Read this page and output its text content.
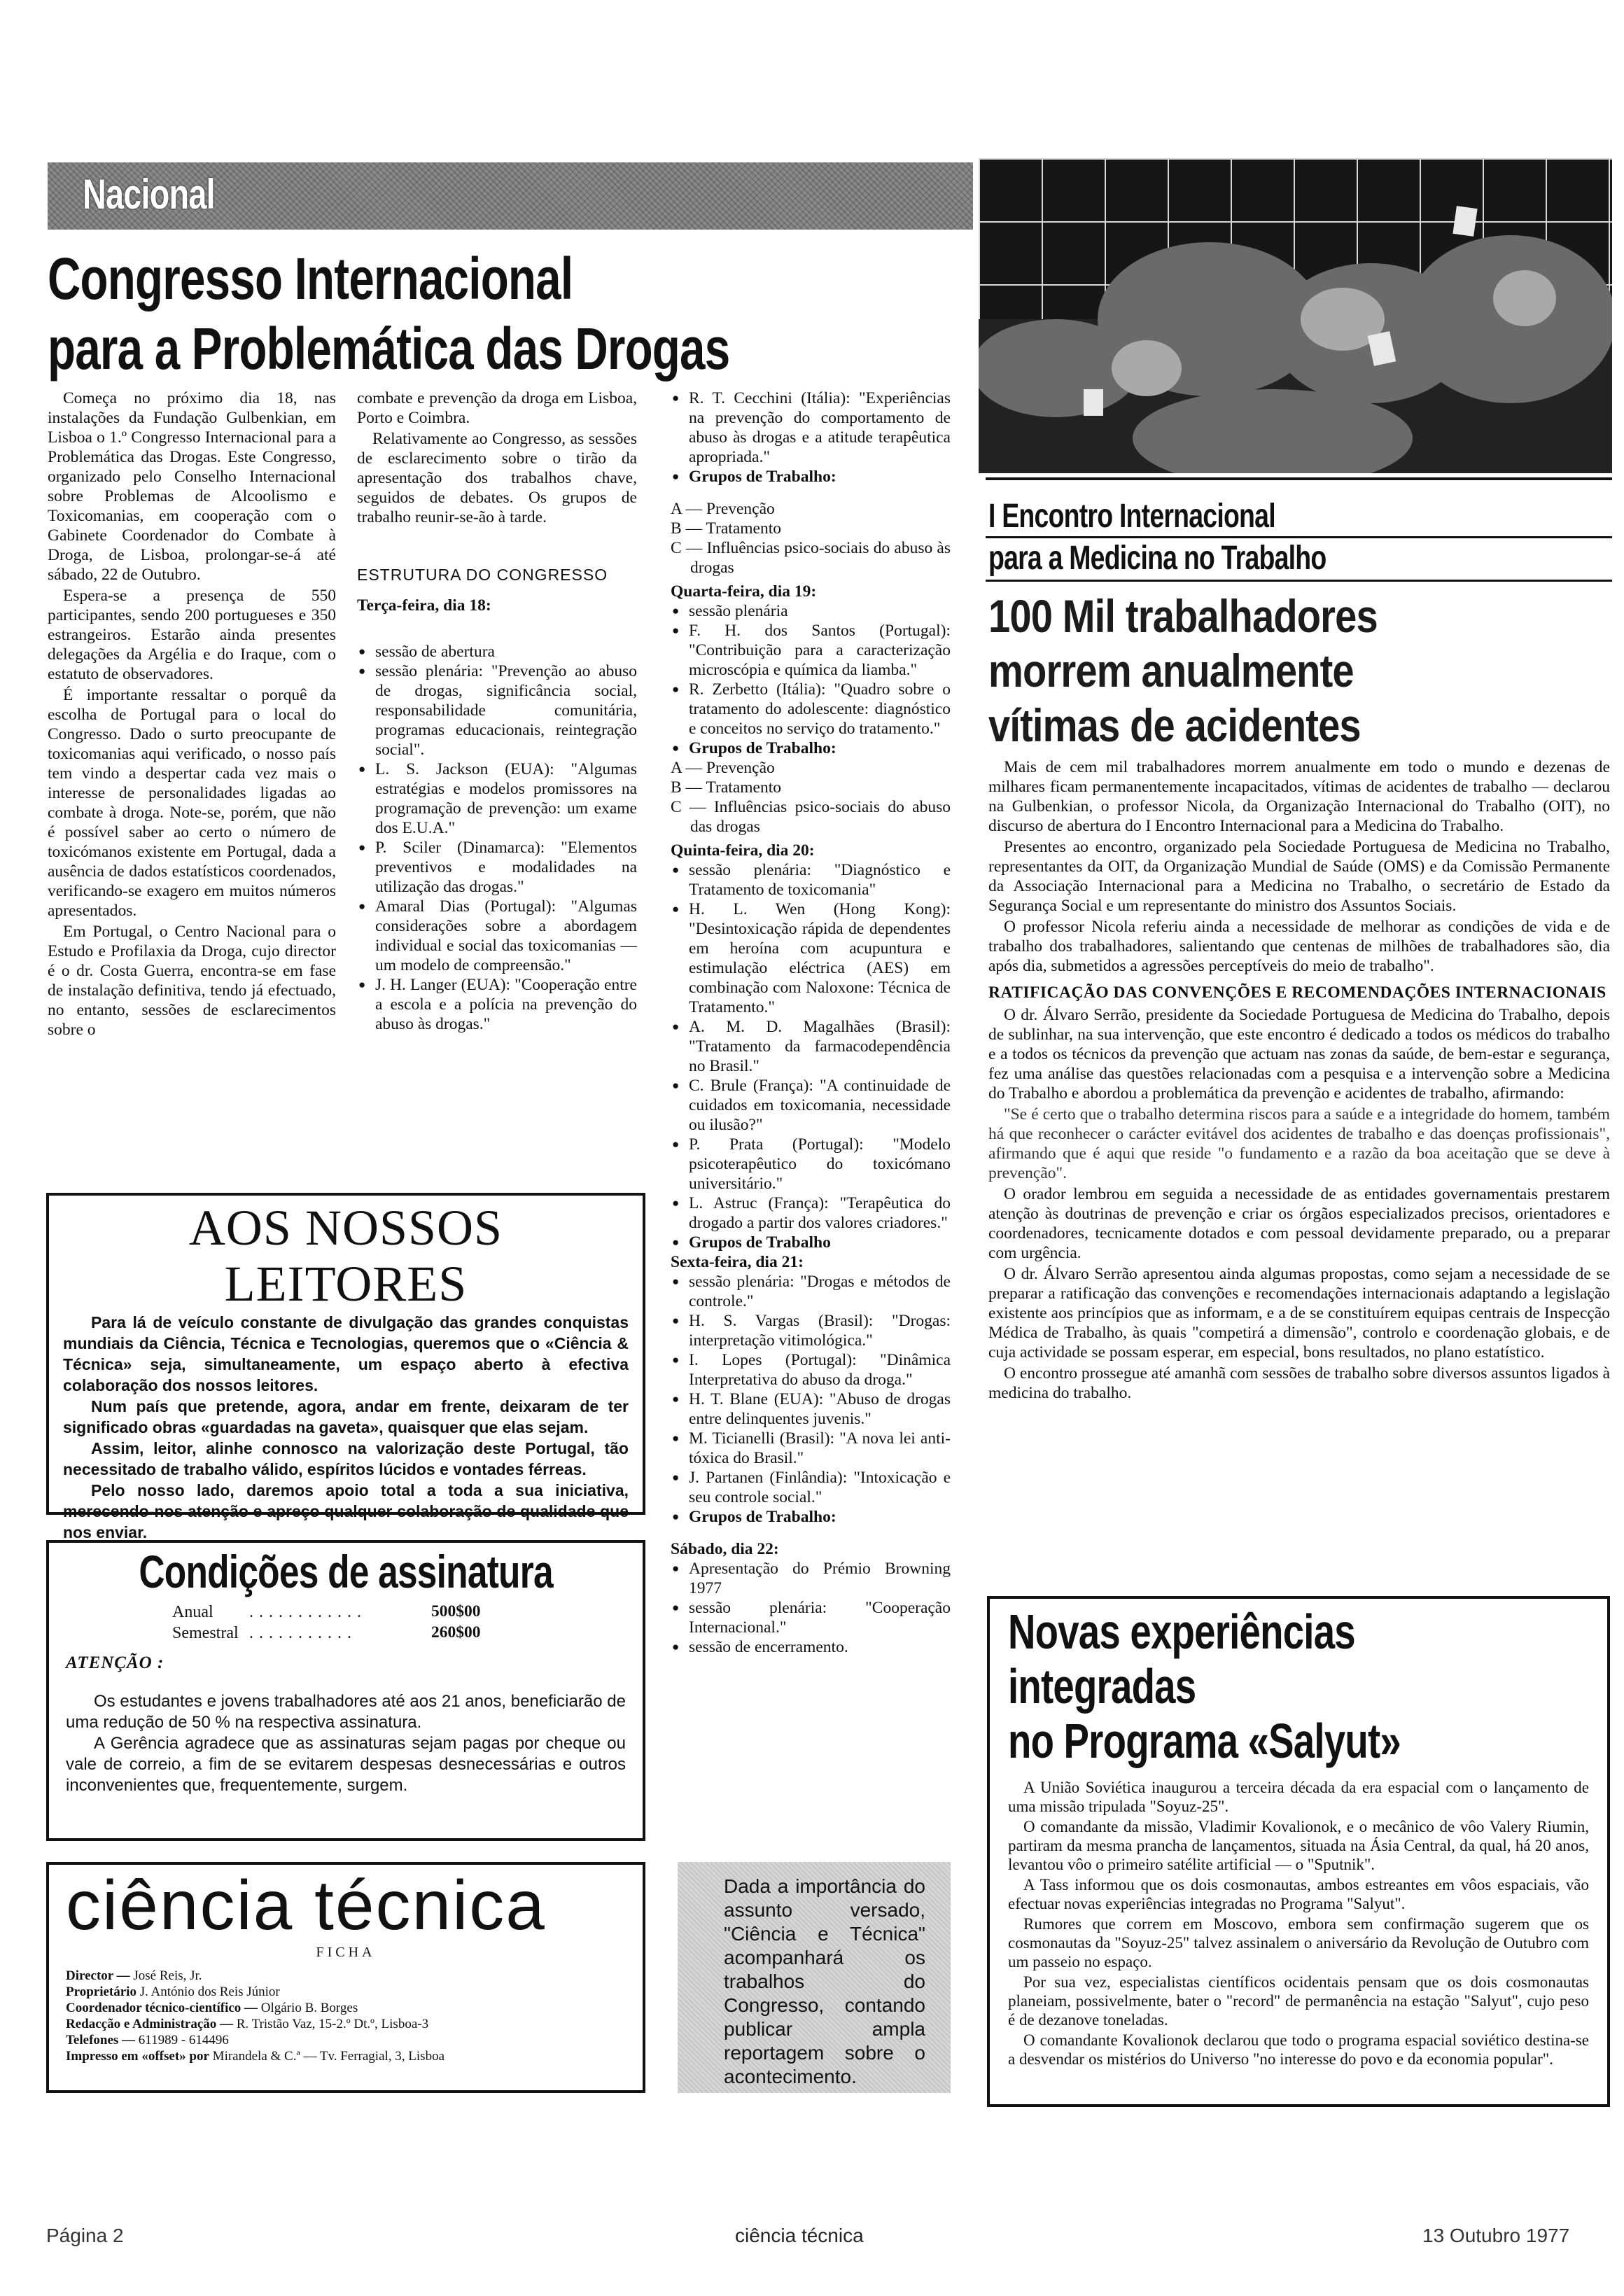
Nacional
Congresso Internacional
para a Problemática das Drogas

Começa no próximo dia 18, nas instalações da Fundação Gulbenkian, em Lisboa o 1.º Congresso Internacional para a Problemática das Drogas. Este Congresso, organizado pelo Conselho Internacional sobre Problemas de Alcoolismo e Toxicomanias, em cooperação com o Gabinete Coordenador do Combate à Droga, de Lisboa, prolongar-se-á até sábado, 22 de Outubro.

Espera-se a presença de 550 participantes, sendo 200 portugueses e 350 estrangeiros. Estarão ainda presentes delegações da Argélia e do Iraque, com o estatuto de observadores.

É importante ressaltar o porquê da escolha de Portugal para o local do Congresso. Dado o surto preocupante de toxicomanias aqui verificado, o nosso país tem vindo a despertar cada vez mais o interesse de personalidades ligadas ao combate à droga. Note-se, porém, que não é possível saber ao certo o número de toxicómanos existente em Portugal, dada a ausência de dados estatísticos coordenados, verificando-se exagero em muitos números apresentados.

Em Portugal, o Centro Nacional para o Estudo e Profilaxia da Droga, cujo director é o dr. Costa Guerra, encontra-se em fase de instalação definitiva, tendo já efectuado, no entanto, sessões de esclarecimentos sobre o

combate e prevenção da droga em Lisboa, Porto e Coimbra.

Relativamente ao Congresso, as sessões de esclarecimento sobre o tirão da apresentação dos trabalhos chave, seguidos de debates. Os grupos de trabalho reunir-se-ão à tarde.

ESTRUTURA DO CONGRESSO
Terça-feira, dia 18:
● sessão de abertura
● sessão plenária: "Prevenção ao abuso de drogas, significância social, responsabilidade comunitária, programas educacionais, reintegração social".
● L. S. Jackson (EUA): "Algumas estratégias e modelos promissores na programação de prevenção: um exame dos E.U.A."
● P. Sciler (Dinamarca): "Elementos preventivos e modalidades na utilização das drogas."
● Amaral Dias (Portugal): "Algumas considerações sobre a abordagem individual e social das toxicomanias — um modelo de compreensão."
● J. H. Langer (EUA): "Cooperação entre a escola e a polícia na prevenção do abuso às drogas."
● R. T. Cecchini (Itália): "Experiências na prevenção do comportamento de abuso às drogas e a atitude terapêutica apropriada."
● Grupos de Trabalho:
A — Prevenção
B — Tratamento
C — Influências psico-sociais do abuso às drogas
Quarta-feira, dia 19:
● sessão plenária
● F. H. dos Santos (Portugal): "Contribuição para a caracterização microscópia e química da liamba."
● R. Zerbetto (Itália): "Quadro sobre o tratamento do adolescente: diagnóstico e conceitos no serviço do tratamento."
● Grupos de Trabalho:
A — Prevenção
B — Tratamento
C — Influências psico-sociais do abuso das drogas
Quinta-feira, dia 20:
● sessão plenária: "Diagnóstico e Tratamento de toxicomania"
● H. L. Wen (Hong Kong): "Desintoxicação rápida de dependentes em heroína com acupuntura e estimulação eléctrica (AES) em combinação com Naloxone: Técnica de Tratamento."
● A. M. D. Magalhães (Brasil): "Tratamento da farmacodependência no Brasil."
● C. Brule (França): "A continuidade de cuidados em toxicomania, necessidade ou ilusão?"
● P. Prata (Portugal): "Modelo psicoterapêutico do toxicómano universitário."
● L. Astruc (França): "Terapêutica do drogado a partir dos valores criadores."
● Grupos de Trabalho
Sexta-feira, dia 21:
● sessão plenária: "Drogas e métodos de controle."
● H. S. Vargas (Brasil): "Drogas: interpretação vitimológica."
● I. Lopes (Portugal): "Dinâmica Interpretativa do abuso da droga."
● H. T. Blane (EUA): "Abuso de drogas entre delinquentes juvenis."
● M. Ticianelli (Brasil): "A nova lei anti-tóxica do Brasil."
● J. Partanen (Finlândia): "Intoxicação e seu controle social."
● Grupos de Trabalho:
Sábado, dia 22:
● Apresentação do Prémio Browning 1977
● sessão plenária: "Cooperação Internacional."
● sessão de encerramento.
Dada a importância do assunto versado, "Ciência e Técnica" acompanhará os trabalhos do Congresso, contando publicar ampla reportagem sobre o acontecimento.
AOS NOSSOS LEITORES
Para lá de veículo constante de divulgação das grandes conquistas mundiais da Ciência, Técnica e Tecnologias, queremos que o «Ciência & Técnica» seja, simultaneamente, um espaço aberto à efectiva colaboração dos nossos leitores.
Num país que pretende, agora, andar em frente, deixaram de ter significado obras «guardadas na gaveta», quaisquer que elas sejam.
Assim, leitor, alinhe connosco na valorização deste Portugal, tão necessitado de trabalho válido, espíritos lúcidos e vontades férreas.
Pelo nosso lado, daremos apoio total a toda a sua iniciativa, merecendo-nos atenção e apreço qualquer colaboração de qualidade que nos enviar.
Condições de assinatura
Anual	. . . . . . . . . . . .	500$00
Semestral . . . . . . . . . . .	260$00
ATENÇÃO :
Os estudantes e jovens trabalhadores até aos 21 anos, beneficiarão de uma redução de 50 % na respectiva assinatura.
A Gerência agradece que as assinaturas sejam pagas por cheque ou vale de correio, a fim de se evitarem despesas desnecessárias e outros inconvenientes que, frequentemente, surgem.
ciência técnica
FICHA
Director —
José Reis, Jr.
Proprietário
J. António dos Reis Júnior
Coordenador técnico-científico —
Olgário B. Borges
Redacção e Administração —
R. Tristão Vaz, 15-2.º Dt.º, Lisboa-3
Telefones —
611989 - 614496
Impresso em «offset» por
Mirandela & C.ª — Tv. Ferragial, 3, Lisboa
I Encontro Internacional
para a Medicina no Trabalho
100 Mil trabalhadores
morrem anualmente
vítimas de acidentes

Mais de cem mil trabalhadores morrem anualmente em todo o mundo e dezenas de milhares ficam permanentemente incapacitados, vítimas de acidentes de trabalho — declarou na Gulbenkian, o professor Nicola, da Organização Internacional do Trabalho (OIT), no discurso de abertura do I Encontro Internacional para a Medicina do Trabalho.

Presentes ao encontro, organizado pela Sociedade Portuguesa de Medicina no Trabalho, representantes da OIT, da Organização Mundial de Saúde (OMS) e da Comissão Permanente da Associação Internacional para a Medicina no Trabalho, o secretário de Estado da Segurança Social e um representante do ministro dos Assuntos Sociais.

O professor Nicola referiu ainda a necessidade de melhorar as condições de vida e de trabalho dos trabalhadores, salientando que centenas de milhões de trabalhadores são, dia após dia, submetidos a agressões perceptíveis do meio de trabalho".

RATIFICAÇÃO DAS CONVENÇÕES E RECOMENDAÇÕES INTERNACIONAIS

O dr. Álvaro Serrão, presidente da Sociedade Portuguesa de Medicina do Trabalho, depois de sublinhar, na sua intervenção, que este encontro é dedicado a todos os médicos do trabalho e a todos os técnicos da prevenção que actuam nas zonas da saúde, de bem-estar e segurança, fez uma análise das questões relacionadas com a pesquisa e a intervenção sobre a Medicina do Trabalho e abordou a problemática da prevenção e acidentes de trabalho, afirmando:

"Se é certo que o trabalho determina riscos para a saúde e a integridade do homem, também há que reconhecer o carácter evitável dos acidentes de trabalho e das doenças profissionais", afirmando que é aqui que reside "o fundamento e a razão da boa aceitação que se deve à prevenção".

O orador lembrou em seguida a necessidade de as entidades governamentais prestarem atenção às doutrinas de prevenção e criar os órgãos especializados precisos, orientadores e coordenadores, tecnicamente dotados e com pessoal devidamente preparado, ou a preparar com urgência.

O dr. Álvaro Serrão apresentou ainda algumas propostas, como sejam a necessidade de se preparar a ratificação das convenções e recomendações internacionais adaptando a legislação existente aos princípios que as informam, e a de se constituírem equipas centrais de Inspecção Médica de Trabalho, às quais "competirá a dimensão", controlo e coordenação globais, e de cuja actividade se possam esperar, em especial, bons resultados, no plano estatístico.

O encontro prossegue até amanhã com sessões de trabalho sobre diversos assuntos ligados à medicina do trabalho.

Novas experiências
integradas
no Programa «Salyut»

A União Soviética inaugurou a terceira década da era espacial com o lançamento de uma missão tripulada "Soyuz-25".

O comandante da missão, Vladimir Kovalionok, e o mecânico de vôo Valery Riumin, partiram da mesma prancha de lançamentos, situada na Ásia Central, da qual, há 20 anos, levantou vôo o primeiro satélite artificial — o "Sputnik".

A Tass informou que os dois cosmonautas, ambos estreantes em vôos espaciais, vão efectuar novas experiências integradas no Programa "Salyut".

Rumores que correm em Moscovo, embora sem confirmação sugerem que os cosmonautas da "Soyuz-25" talvez assinalem o aniversário da Revolução de Outubro com um passeio no espaço.

Por sua vez, especialistas científicos ocidentais pensam que os dois cosmonautas planeiam, possivelmente, bater o "record" de permanência na estação "Salyut", cujo peso é de dezanove toneladas.

O comandante Kovalionok declarou que todo o programa espacial soviético destina-se a desvendar os mistérios do Universo "no interesse do povo e da economia popular".

Página 2	ciência técnica	13 Outubro 1977
